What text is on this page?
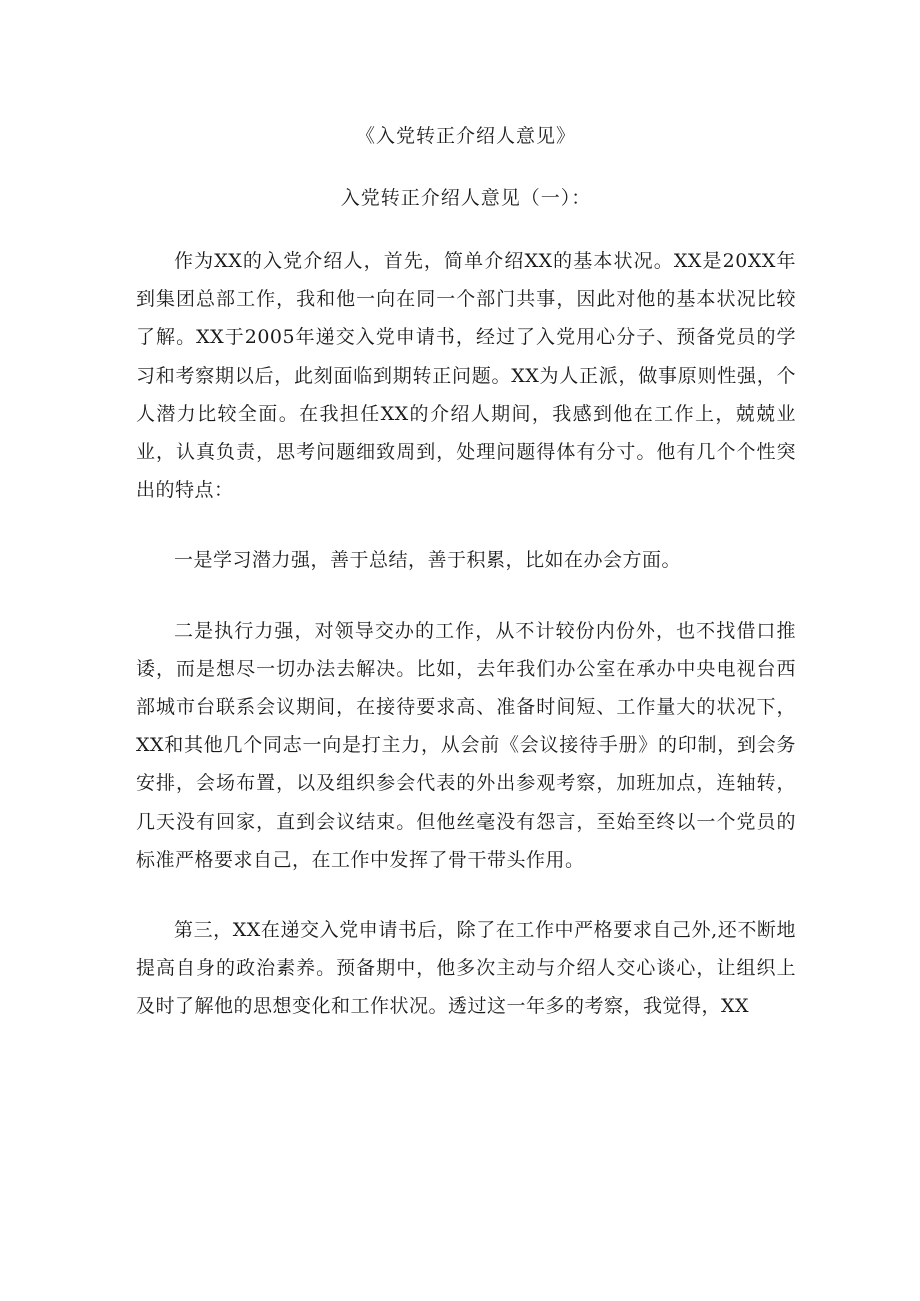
《入党转正介绍人意见》
入党转正介绍人意见（一）：

作为XX的入党介绍人，首先，简单介绍XX的基本状况。XX是20XX年到集团总部工作，我和他一向在同一个部门共事，因此对他的基本状况比较了解。XX于2005年递交入党申请书，经过了入党用心分子、预备党员的学习和考察期以后，此刻面临到期转正问题。XX为人正派，做事原则性强，个人潜力比较全面。在我担任XX的介绍人期间，我感到他在工作上，兢兢业业，认真负责，思考问题细致周到，处理问题得体有分寸。他有几个个性突出的特点：

一是学习潜力强，善于总结，善于积累，比如在办会方面。

二是执行力强，对领导交办的工作，从不计较份内份外，也不找借口推诿，而是想尽一切办法去解决。比如，去年我们办公室在承办中央电视台西部城市台联系会议期间，在接待要求高、准备时间短、工作量大的状况下，XX和其他几个同志一向是打主力，从会前《会议接待手册》的印制，到会务安排，会场布置，以及组织参会代表的外出参观考察，加班加点，连轴转，几天没有回家，直到会议结束。但他丝毫没有怨言，至始至终以一个党员的标准严格要求自己，在工作中发挥了骨干带头作用。

第三，XX在递交入党申请书后，除了在工作中严格要求自己外,还不断地提高自身的政治素养。预备期中，他多次主动与介绍人交心谈心，让组织上及时了解他的思想变化和工作状况。透过这一年多的考察，我觉得，XX
